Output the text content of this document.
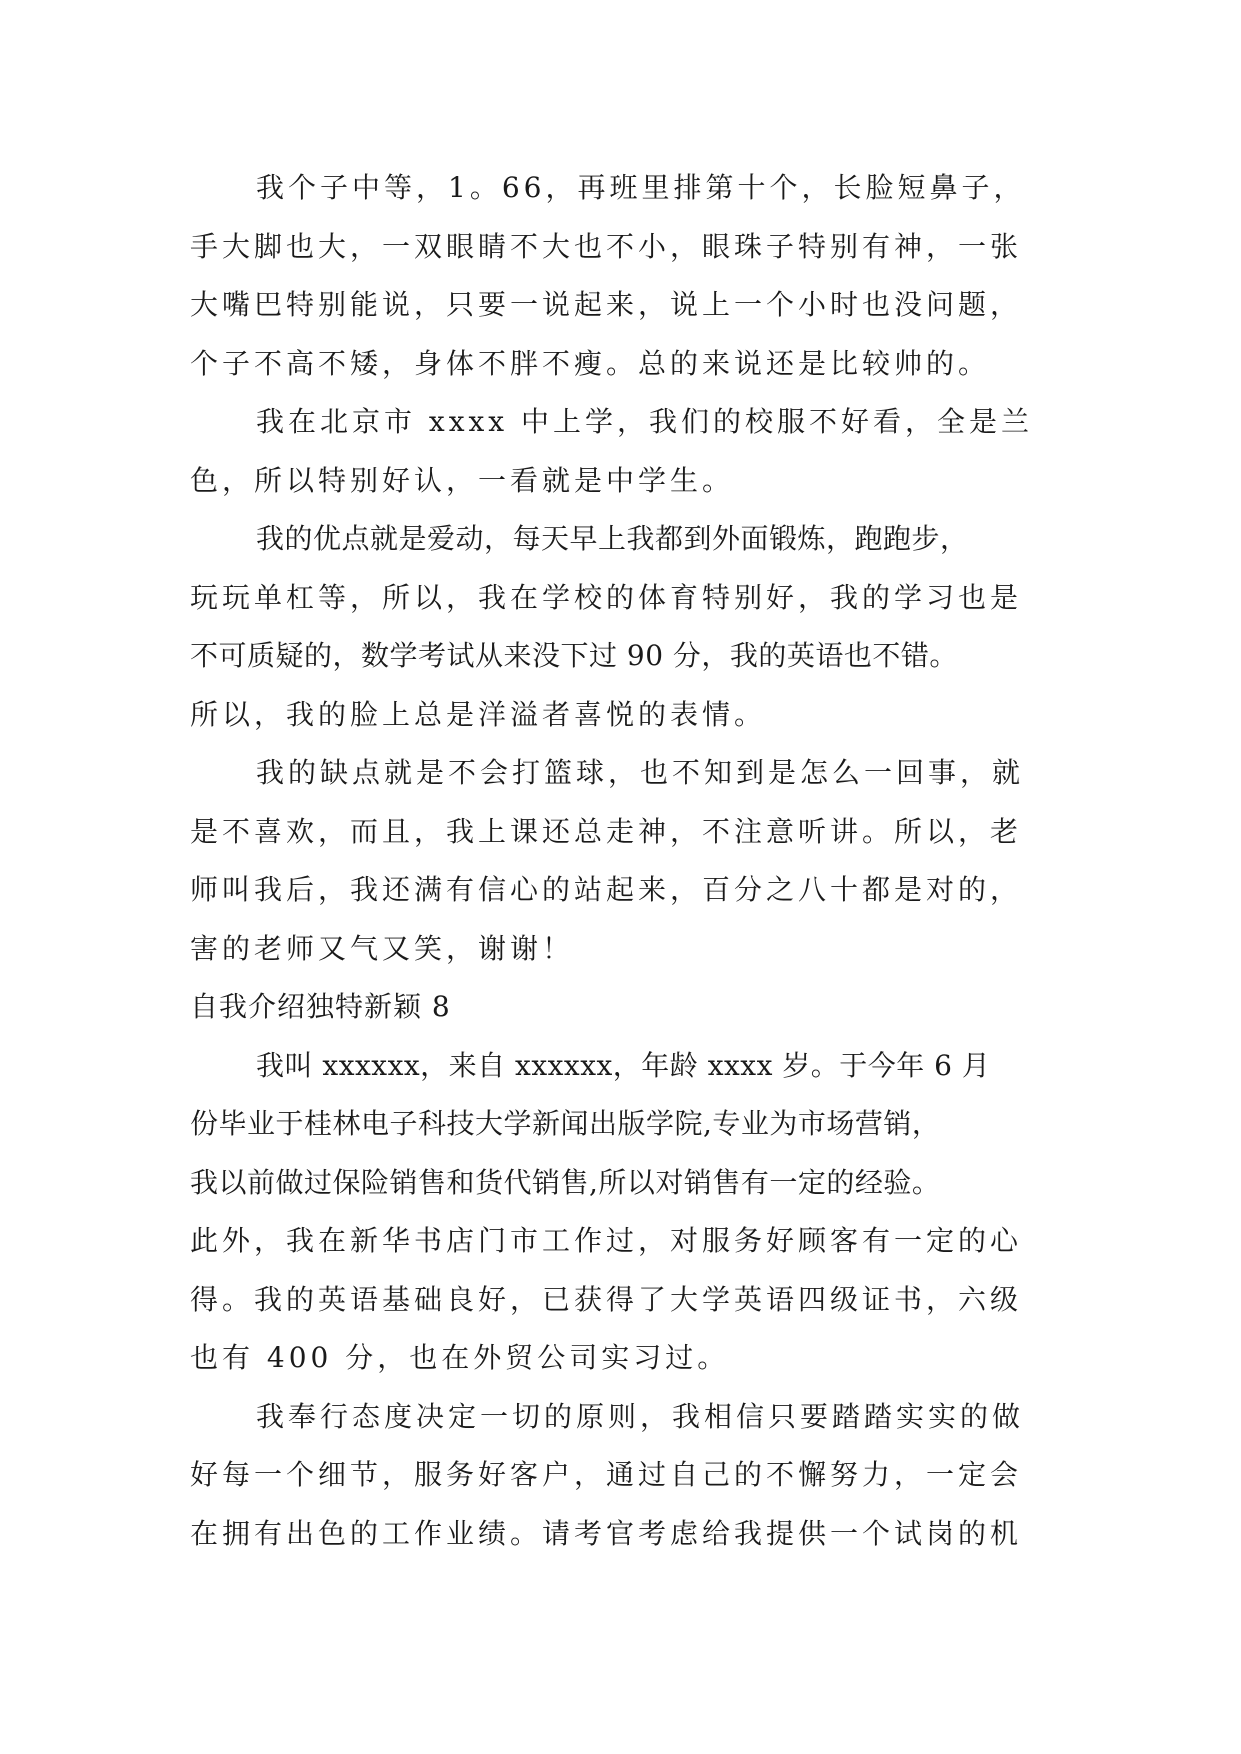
我个子中等，1。66，再班里排第十个，长脸短鼻子，
手大脚也大，一双眼睛不大也不小，眼珠子特别有神，一张
大嘴巴特别能说，只要一说起来，说上一个小时也没问题，
个子不高不矮，身体不胖不瘦。总的来说还是比较帅的。
我在北京市 xxxx 中上学，我们的校服不好看，全是兰
色，所以特别好认，一看就是中学生。
我的优点就是爱动，每天早上我都到外面锻炼，跑跑步，
玩玩单杠等，所以，我在学校的体育特别好，我的学习也是
不可质疑的，数学考试从来没下过 90 分，我的英语也不错。
所以，我的脸上总是洋溢者喜悦的表情。
我的缺点就是不会打篮球，也不知到是怎么一回事，就
是不喜欢，而且，我上课还总走神，不注意听讲。所以，老
师叫我后，我还满有信心的站起来，百分之八十都是对的，
害的老师又气又笑，谢谢！
自我介绍独特新颖 8
我叫 xxxxxx，来自 xxxxxx，年龄 xxxx 岁。于今年 6 月
份毕业于桂林电子科技大学新闻出版学院,专业为市场营销，
我以前做过保险销售和货代销售,所以对销售有一定的经验。
此外，我在新华书店门市工作过，对服务好顾客有一定的心
得。我的英语基础良好，已获得了大学英语四级证书，六级
也有 400 分，也在外贸公司实习过。
我奉行态度决定一切的原则，我相信只要踏踏实实的做
好每一个细节，服务好客户，通过自己的不懈努力，一定会
在拥有出色的工作业绩。请考官考虑给我提供一个试岗的机
